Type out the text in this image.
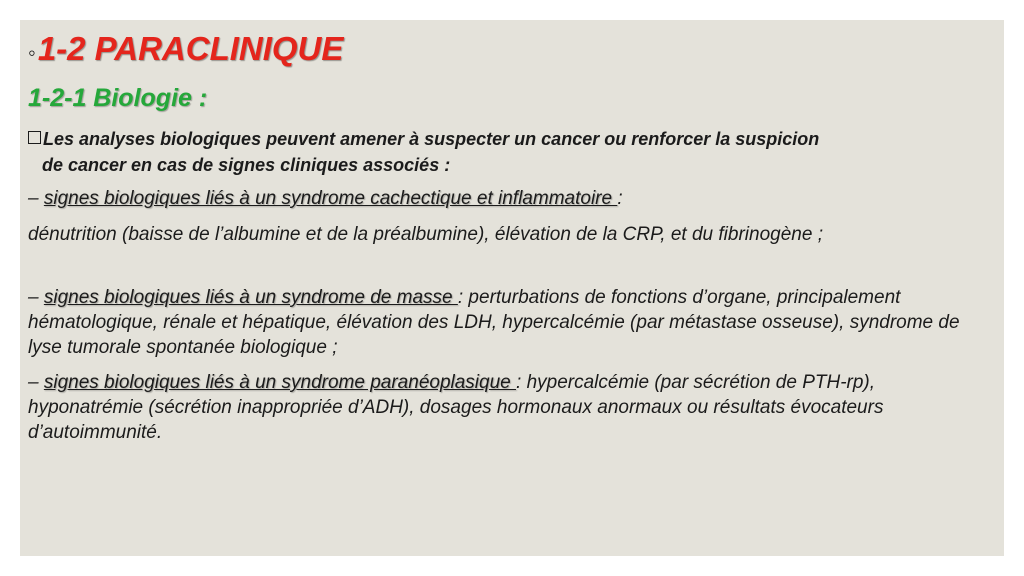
◦ 1-2 PARACLINIQUE
1-2-1 Biologie :
Les analyses biologiques peuvent amener à suspecter un cancer ou renforcer la suspicion
de cancer en cas de signes cliniques associés :
– signes biologiques liés à un syndrome cachectique et inflammatoire :
dénutrition (baisse de l’albumine et de la préalbumine), élévation de la CRP, et du fibrinogène ;
– signes biologiques liés à un syndrome de masse : perturbations de fonctions d’organe, principalement hématologique, rénale et hépatique, élévation des LDH, hypercalcémie (par métastase osseuse), syndrome de lyse tumorale spontanée biologique ;
– signes biologiques liés à un syndrome paranéoplasique : hypercalcémie (par sécrétion de PTH-rp), hyponatrémie (sécrétion inappropriée d’ADH), dosages hormonaux anormaux ou résultats évocateurs d’autoimmunité.
